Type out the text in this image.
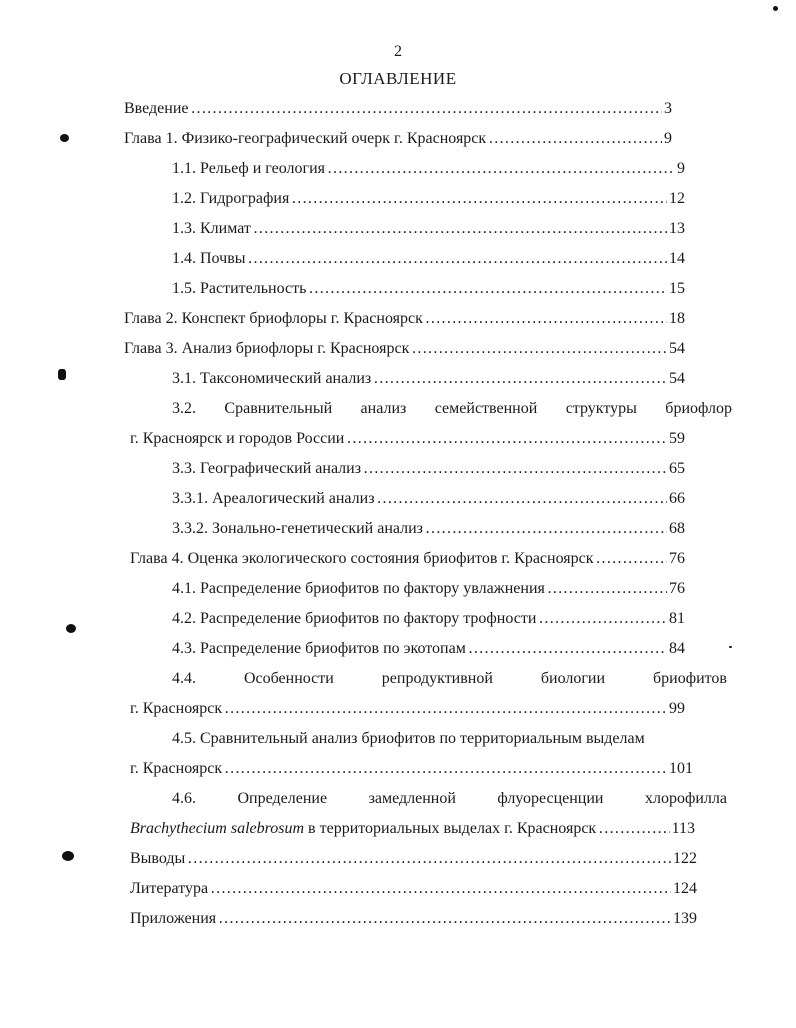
2
ОГЛАВЛЕНИЕ
Введение …………………………………………………………………………………………………………………………………………………………………………………………………………	3
Глава 1. Физико-географический очерк г. Красноярск …………………………………………………………………………………………………………………………………………………………………………………………………………	9
1.1. Рельеф и геология …………………………………………………………………………………………………………………………………………………………………………………………………………	9
1.2. Гидрография …………………………………………………………………………………………………………………………………………………………………………………………………………	12
1.3. Климат …………………………………………………………………………………………………………………………………………………………………………………………………………	13
1.4. Почвы …………………………………………………………………………………………………………………………………………………………………………………………………………	14
1.5. Растительность …………………………………………………………………………………………………………………………………………………………………………………………………………	15
Глава 2. Конспект бриофлоры г. Красноярск …………………………………………………………………………………………………………………………………………………………………………………………………………	18
Глава 3. Анализ бриофлоры г. Красноярск …………………………………………………………………………………………………………………………………………………………………………………………………………	54
3.1. Таксономический анализ …………………………………………………………………………………………………………………………………………………………………………………………………………	54
3.2. Сравнительный анализ семейственной структуры бриофлор
г. Красноярск и городов России …………………………………………………………………………………………………………………………………………………………………………………………………………	59
3.3. Географический анализ …………………………………………………………………………………………………………………………………………………………………………………………………………	65
3.3.1. Ареалогический анализ …………………………………………………………………………………………………………………………………………………………………………………………………………	66
3.3.2. Зонально-генетический анализ …………………………………………………………………………………………………………………………………………………………………………………………………………	68
Глава 4. Оценка экологического состояния бриофитов г. Красноярск …………………………………………………………………………………………………………………………………………………………………………………………………………	76
4.1. Распределение бриофитов по фактору увлажнения …………………………………………………………………………………………………………………………………………………………………………………………………………	76
4.2. Распределение бриофитов по фактору трофности …………………………………………………………………………………………………………………………………………………………………………………………………………	81
4.3. Распределение бриофитов по экотопам …………………………………………………………………………………………………………………………………………………………………………………………………………	84
4.4.	Особенности	репродуктивной	биологии	бриофитов
г. Красноярск …………………………………………………………………………………………………………………………………………………………………………………………………………	99
4.5. Сравнительный анализ бриофитов по территориальным выделам
г. Красноярск …………………………………………………………………………………………………………………………………………………………………………………………………………	101
4.6.	Определение	замедленной	флуоресценции	хлорофилла
Brachythecium salebrosum в территориальных выделах г. Красноярск …………………………………………………………………………………………………………………………………………………………………………………………………………	113
Выводы …………………………………………………………………………………………………………………………………………………………………………………………………………	122
Литература …………………………………………………………………………………………………………………………………………………………………………………………………………	124
Приложения …………………………………………………………………………………………………………………………………………………………………………………………………………	139
